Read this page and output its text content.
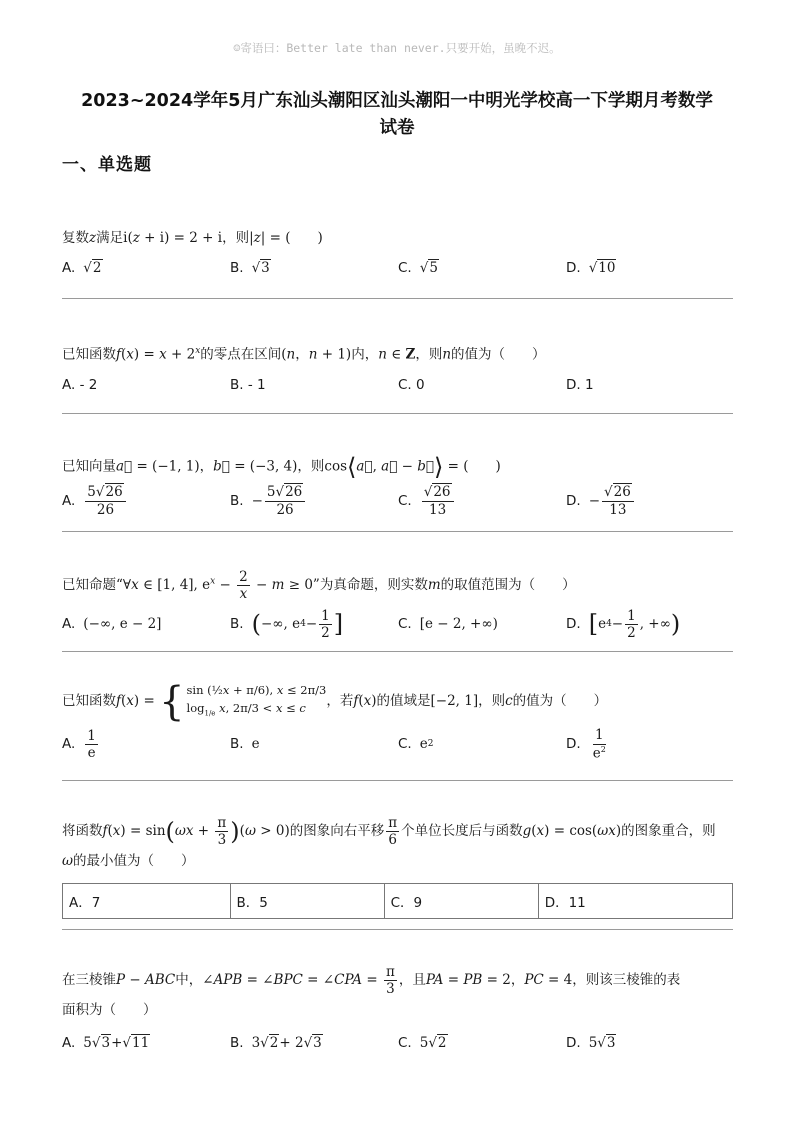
☺寄语曰：Better late than never.只要开始，虽晚不迟。
2023~2024学年5月广东汕头潮阳区汕头潮阳一中明光学校高一下学期月考数学
试卷
一、单选题
复数z满足i(z + i) = 2 + i，则|z| = (　　)
A. √2	B. √3	C. √5	D. √10
已知函数$f(x) = x + 2^x$的零点在区间(n，n + 1)内，n ∈ Z，则n的值为（　　）
A. - 2	B. - 1	C. 0	D. 1
已知向量a⃗ = (−1, 1)，b⃗ = (−3, 4)，则cos⟨a⃗, a⃗ − b⃗⟩ = (　　)
A. $\frac{5√26}{26}$	B. − $\frac{5√26}{26}$	C. $\frac{√26}{13}$	D. − $\frac{√26}{13}$
已知命题“∀x ∈ [1, 4], $e^x - \frac{2}{x} - m \ge 0$”为真命题，则实数m的取值范围为（　　）
A. (−∞, e − 2]	B. ( −∞, e $4 - \frac{1}{2}$ ]	C. [e − 2, +∞)	D. [ e $4 - \frac{1}{2}$ , +∞ )
已知函数 f ( x ) = { sin (½x + π/6), x ≤ 2π/3
$\log_{1/e} x$, 2π/3 < x ≤ c	，若 f ( x )的值域是[−2, 1]，则 c 的值为（　　）
A. $\frac{1}{e}$	B. e	C. e 2	D. $\frac{1}{e^2}$
将函数$f(x) = \sin(\omega x + \frac{\pi}{3} )(\omega > 0)$的图象向右平移 $\frac{\pi}{6}$ 个单位长度后与函数g(x) = cos(ωx)的图象重合，则
ω的最小值为（　　）
A．7	B．5	C．9	D．11
在三棱锥P − ABC中，∠APB = ∠BPC = ∠CPA = $\frac{\pi}{3}$ ，且PA = PB = 2，PC = 4，则该三棱锥的表
面积为（　　）
A. 5 √3 + √11	B. 3 √2 + 2 √3	C. 5 √2	D. 5 √3
